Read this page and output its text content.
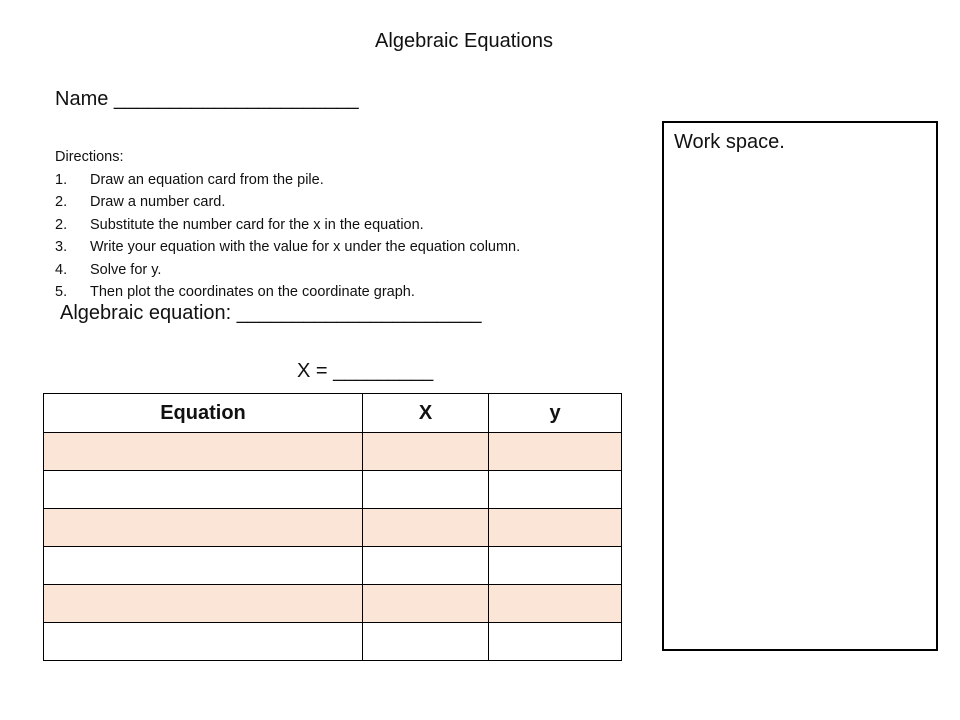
Algebraic Equations
Name ______________________
Directions:
1. Draw an equation card from the pile.
2. Draw a number card.
2. Substitute the number card for the x in the equation.
3. Write your equation with the value for x under the equation column.
4. Solve for y.
5. Then plot the coordinates on the coordinate graph.
Algebraic equation: ______________________
X = _________
Equation	X	y

Work space.
